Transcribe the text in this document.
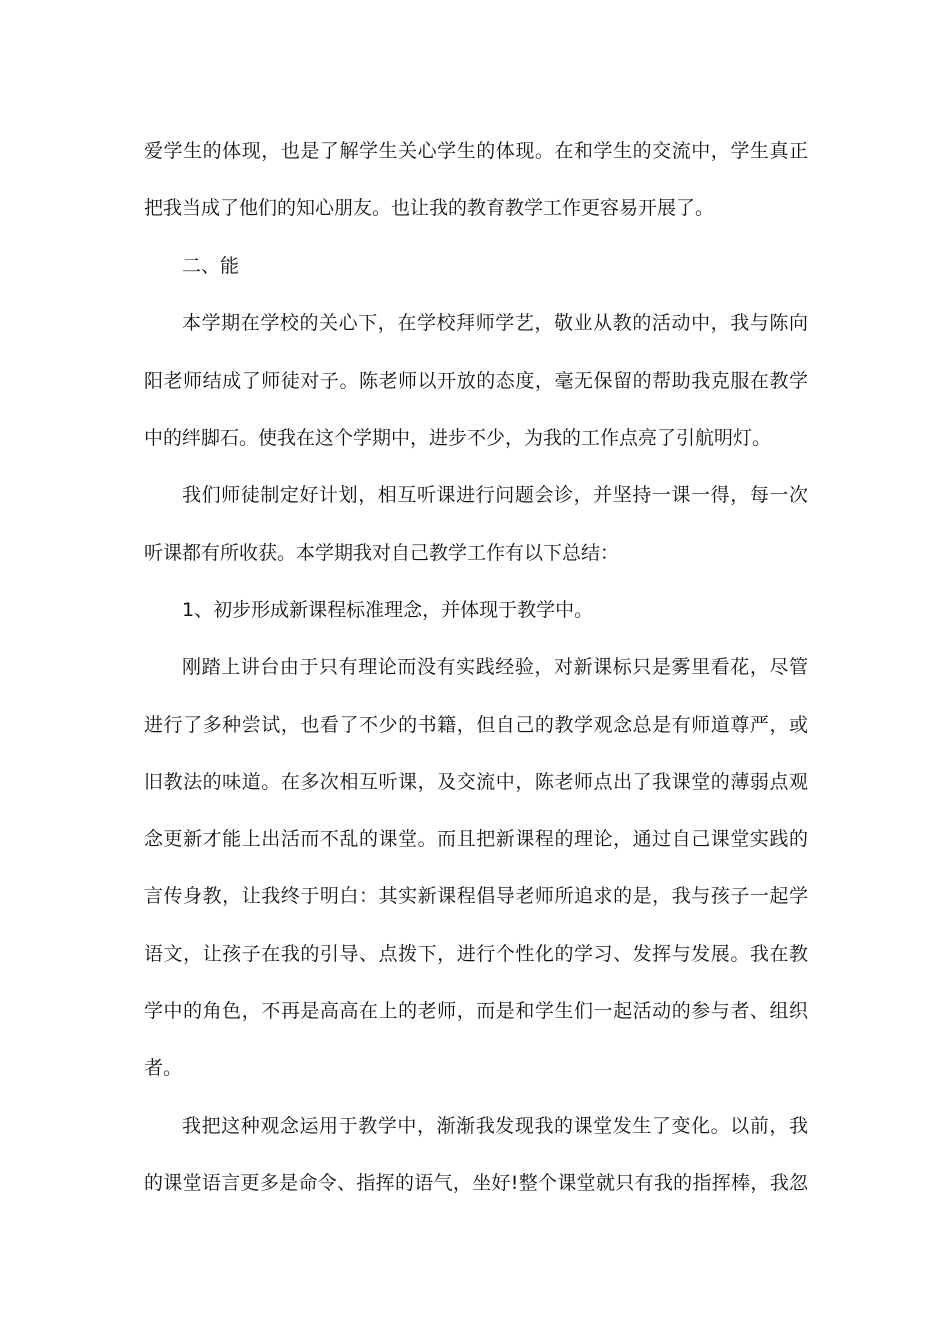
爱学生的体现，也是了解学生关心学生的体现。在和学生的交流中，学生真正
把我当成了他们的知心朋友。也让我的教育教学工作更容易开展了。
二、能
本学期在学校的关心下，在学校拜师学艺，敬业从教的活动中，我与陈向
阳老师结成了师徒对子。陈老师以开放的态度，毫无保留的帮助我克服在教学
中的绊脚石。使我在这个学期中，进步不少，为我的工作点亮了引航明灯。
我们师徒制定好计划，相互听课进行问题会诊，并坚持一课一得，每一次
听课都有所收获。本学期我对自己教学工作有以下总结：
1、初步形成新课程标准理念，并体现于教学中。
刚踏上讲台由于只有理论而没有实践经验，对新课标只是雾里看花，尽管
进行了多种尝试，也看了不少的书籍，但自己的教学观念总是有师道尊严，或
旧教法的味道。在多次相互听课，及交流中，陈老师点出了我课堂的薄弱点观
念更新才能上出活而不乱的课堂。而且把新课程的理论，通过自己课堂实践的
言传身教，让我终于明白：其实新课程倡导老师所追求的是，我与孩子一起学
语文，让孩子在我的引导、点拨下，进行个性化的学习、发挥与发展。我在教
学中的角色，不再是高高在上的老师，而是和学生们一起活动的参与者、组织
者。
我把这种观念运用于教学中，渐渐我发现我的课堂发生了变化。以前，我
的课堂语言更多是命令、指挥的语气，坐好!整个课堂就只有我的指挥棒，我忽
